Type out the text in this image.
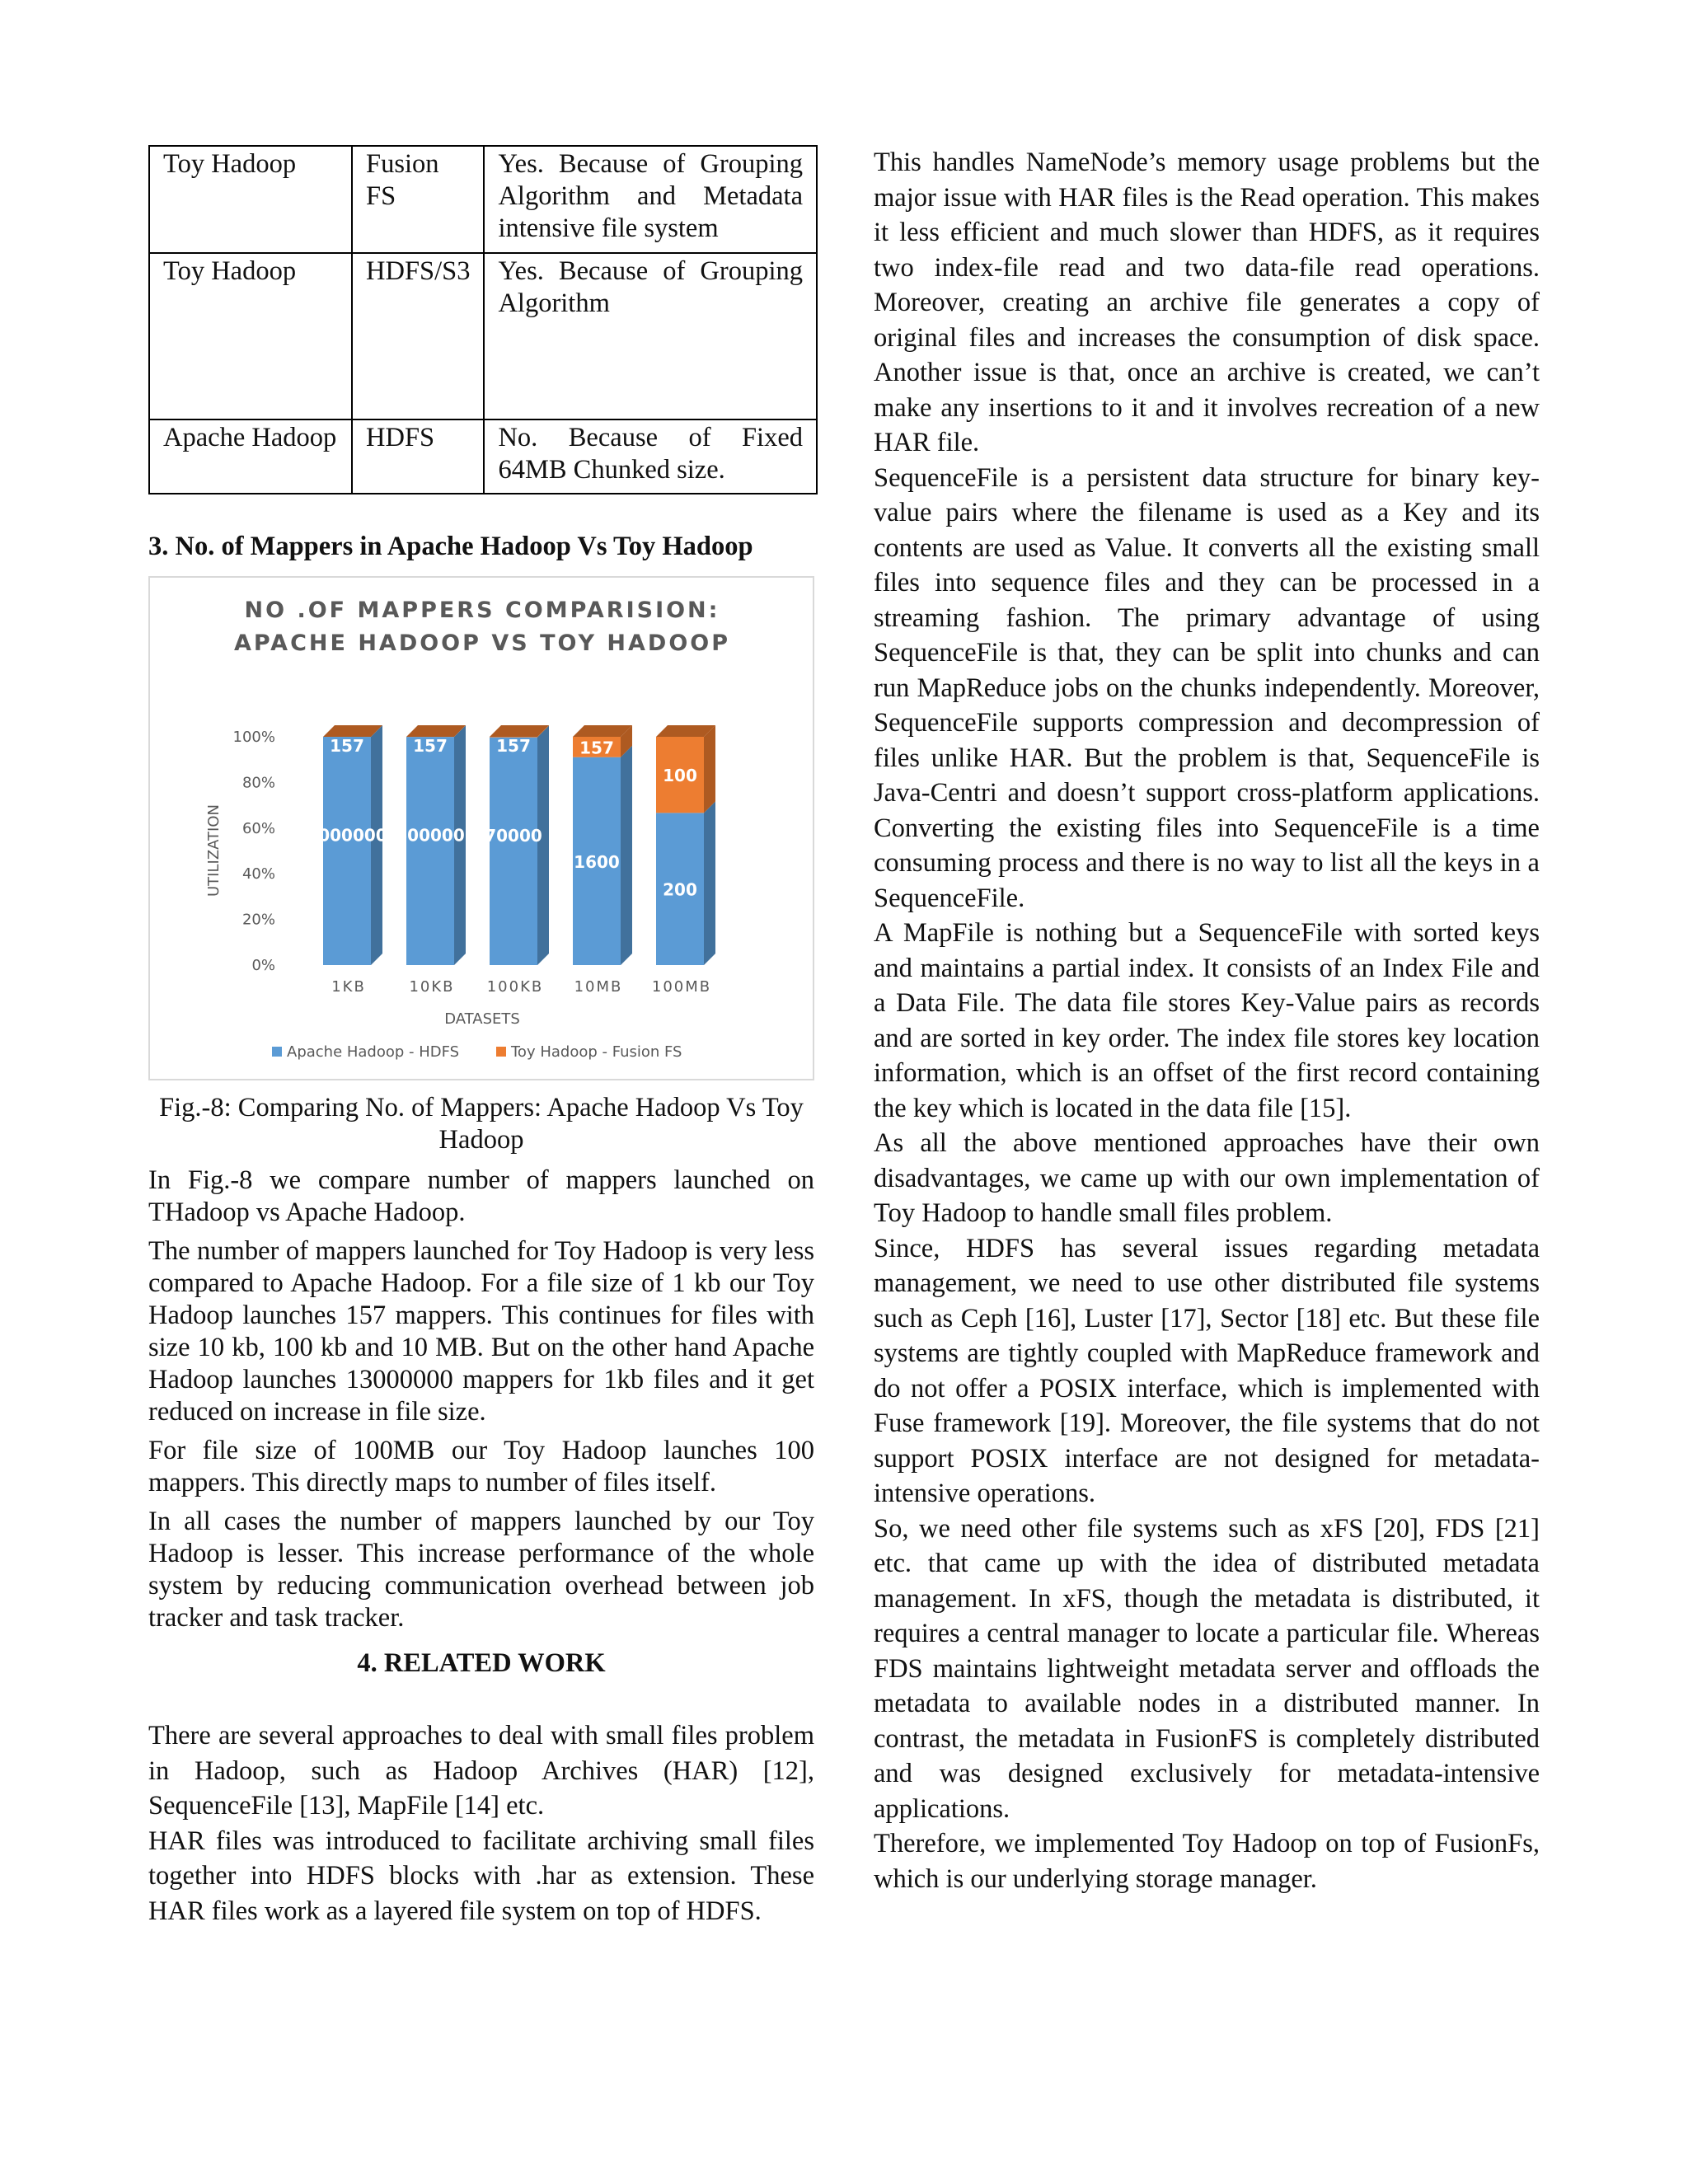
Toy Hadoop	Fusion FS	Yes. Because of Grouping Algorithm and Metadata intensive file system
Toy Hadoop	HDFS/S3	Yes. Because of Grouping Algorithm
Apache Hadoop	HDFS	No. Because of Fixed 64MB Chunked size.

3. No. of Mappers in Apache Hadoop Vs Toy Hadoop

NO .OF MAPPERS COMPARISION:
APACHE HADOOP VS TOY HADOOP
0%
20%
40%
60%
80%
100%
UTILIZATION
157
1000000
1KB
157
600000
10KB
157
70000
100KB
157
1600
10MB
100
200
100MB
DATASETS
Apache Hadoop - HDFS	Toy Hadoop - Fusion FS

Fig.-8: Comparing No. of Mappers: Apache Hadoop Vs Toy Hadoop

In Fig.-8 we compare number of mappers launched on THadoop vs Apache Hadoop.

The number of mappers launched for Toy Hadoop is very less compared to Apache Hadoop. For a file size of 1 kb our Toy Hadoop launches 157 mappers. This continues for files with size 10 kb, 100 kb and 10 MB. But on the other hand Apache Hadoop launches 13000000 mappers for 1kb files and it get reduced on increase in file size.

For file size of 100MB our Toy Hadoop launches 100 mappers. This directly maps to number of files itself.

In all cases the number of mappers launched by our Toy Hadoop is lesser. This increase performance of the whole system by reducing communication overhead between job tracker and task tracker.

4. RELATED WORK

There are several approaches to deal with small files problem in Hadoop, such as Hadoop Archives (HAR) [12], SequenceFile [13], MapFile [14] etc.

HAR files was introduced to facilitate archiving small files together into HDFS blocks with .har as extension. These HAR files work as a layered file system on top of HDFS.

This handles NameNode’s memory usage problems but the major issue with HAR files is the Read operation. This makes it less efficient and much slower than HDFS, as it requires two index-file read and two data-file read operations. Moreover, creating an archive file generates a copy of original files and increases the consumption of disk space. Another issue is that, once an archive is created, we can’t make any insertions to it and it involves recreation of a new HAR file.

SequenceFile is a persistent data structure for binary key-value pairs where the filename is used as a Key and its contents are used as Value. It converts all the existing small files into sequence files and they can be processed in a streaming fashion. The primary advantage of using SequenceFile is that, they can be split into chunks and can run MapReduce jobs on the chunks independently. Moreover, SequenceFile supports compression and decompression of files unlike HAR. But the problem is that, SequenceFile is Java-Centri and doesn’t support cross-platform applications. Converting the existing files into SequenceFile is a time consuming process and there is no way to list all the keys in a SequenceFile.

A MapFile is nothing but a SequenceFile with sorted keys and maintains a partial index. It consists of an Index File and a Data File. The data file stores Key-Value pairs as records and are sorted in key order. The index file stores key location information, which is an offset of the first record containing the key which is located in the data file [15].

As all the above mentioned approaches have their own disadvantages, we came up with our own implementation of Toy Hadoop to handle small files problem.

Since, HDFS has several issues regarding metadata management, we need to use other distributed file systems such as Ceph [16], Luster [17], Sector [18] etc. But these file systems are tightly coupled with MapReduce framework and do not offer a POSIX interface, which is implemented with Fuse framework [19]. Moreover, the file systems that do not support POSIX interface are not designed for metadata-intensive operations.

So, we need other file systems such as xFS [20], FDS [21] etc. that came up with the idea of distributed metadata management. In xFS, though the metadata is distributed, it requires a central manager to locate a particular file. Whereas FDS maintains lightweight metadata server and offloads the metadata to available nodes in a distributed manner. In contrast, the metadata in FusionFS is completely distributed and was designed exclusively for metadata-intensive applications.

Therefore, we implemented Toy Hadoop on top of FusionFs, which is our underlying storage manager.
